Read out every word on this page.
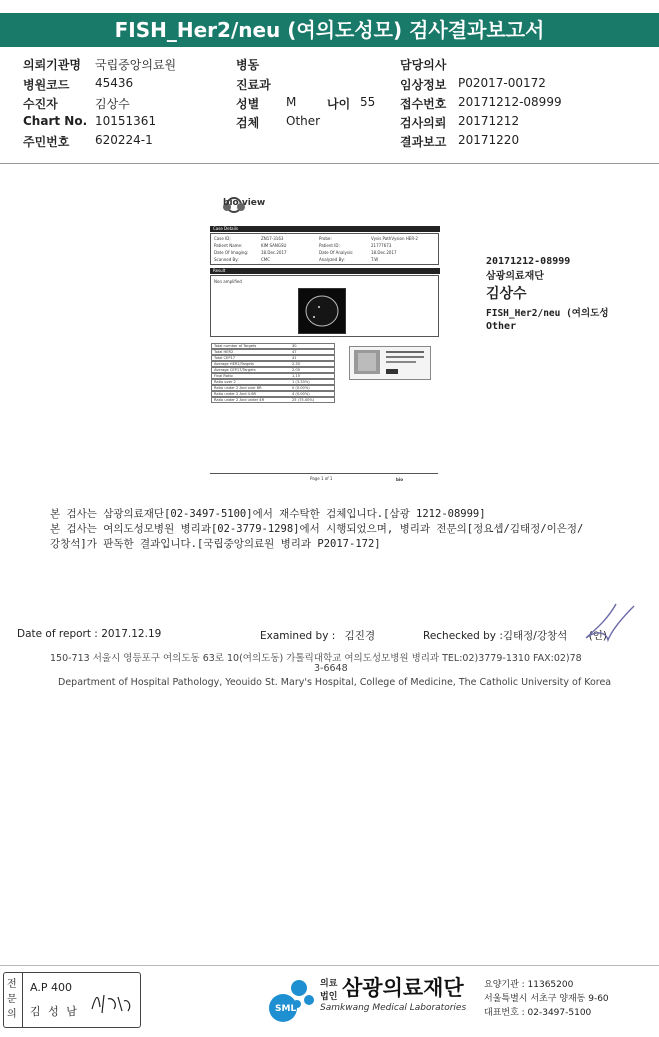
FISH_Her2/neu (여의도성모) 검사결과보고서
의뢰기관명 국립중앙의료원
병원코드 45436
수진자	김상수
Chart No. 10151361
주민번호 620224-1
병동
진료과
성별 M	나이 55
검체 Other
담당의사
임상정보 P02017-00172
접수번호 20171212-08999
검사의뢰 20171212
결과보고 20171220
bio view
Case Details
Case ID:	ZN17-3163	Probe:	Vysis PathVysion HER-2
Patient Name:	KIM SANGSU	Patient ID:	21777673
Date Of Imaging:	18.Dec.2017	Date Of Analysis:	18.Dec.2017
Scanned By:	CMC	Analyzed By:	T.W
Result
Non amplified
Total number of Targets	30
Total HER2	47
Total CEP17	41
Average HER2/Targets	2.35
Average CEP17/Targets	2.05
Final Ratio	1.15
Ratio over 2	1 (3.33%)
Ratio under 2 And over 6R	0 (0.00%)
Ratio under 2 And 4-6R	4 (0.00%)
Ratio under 2 And under 4R	25 (75.00%)
Page 1 of 1	bio
20171212-08999
삼광의료재단
김상수
FISH_Her2/neu (여의도성
Other
본 검사는 삼광의료재단[02-3497-5100]에서 재수탁한 검체입니다.[삼광 1212-08999]
본 검사는 여의도성모병원 병리과[02-3779-1298]에서 시행되었으며, 병리과 전문의[정요셉/김태정/이은정/
강창석]가 판독한 결과입니다.[국립중앙의료원 병리과 P2017-172]
Date of report : 2017.12.19	Examined by : 김진경	Rechecked by :김태정/강창석 (인)
150-713 서울시 영등포구 여의도동 63로 10(여의도동) 가톨릭대학교 여의도성모병원 병리과 TEL:02)3779-1310 FAX:02)78
3-6648
Department of Hospital Pathology, Yeouido St. Mary's Hospital, College of Medicine, The Catholic University of Korea
전문의
A.P 400
김 성 남	SML
의료
법인 삼광의료재단
Samkwang Medical Laboratories
요양기관 : 11365200
서울특별시 서초구 양재동 9-60
대표번호 : 02-3497-5100
